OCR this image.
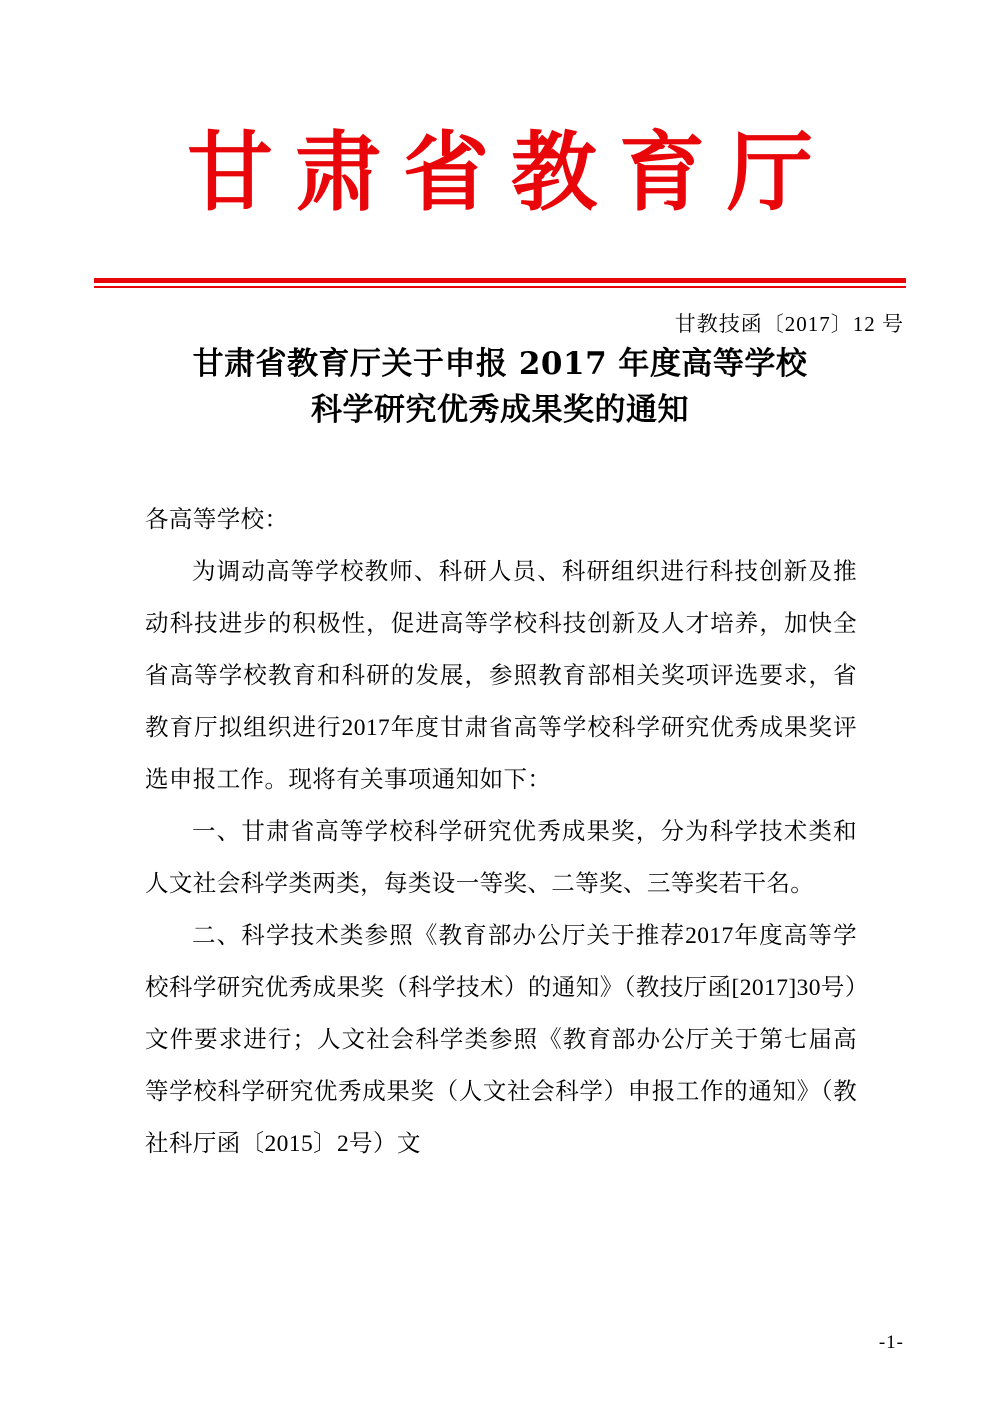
甘肃省教育厅
甘教技函〔2017〕12 号
甘肃省教育厅关于申报 2017 年度高等学校
科学研究优秀成果奖的通知

各高等学校：

为调动高等学校教师、科研人员、科研组织进行科技创新及推动科技进步的积极性，促进高等学校科技创新及人才培养，加快全省高等学校教育和科研的发展，参照教育部相关奖项评选要求，省教育厅拟组织进行2017年度甘肃省高等学校科学研究优秀成果奖评选申报工作。现将有关事项通知如下：

一、甘肃省高等学校科学研究优秀成果奖，分为科学技术类和人文社会科学类两类，每类设一等奖、二等奖、三等奖若干名。

二、科学技术类参照《教育部办公厅关于推荐2017年度高等学校科学研究优秀成果奖（科学技术）的通知》（教技厅函[2017]30号）文件要求进行；人文社会科学类参照《教育部办公厅关于第七届高等学校科学研究优秀成果奖（人文社会科学）申报工作的通知》（教社科厅函〔2015〕2号）文

-1-
